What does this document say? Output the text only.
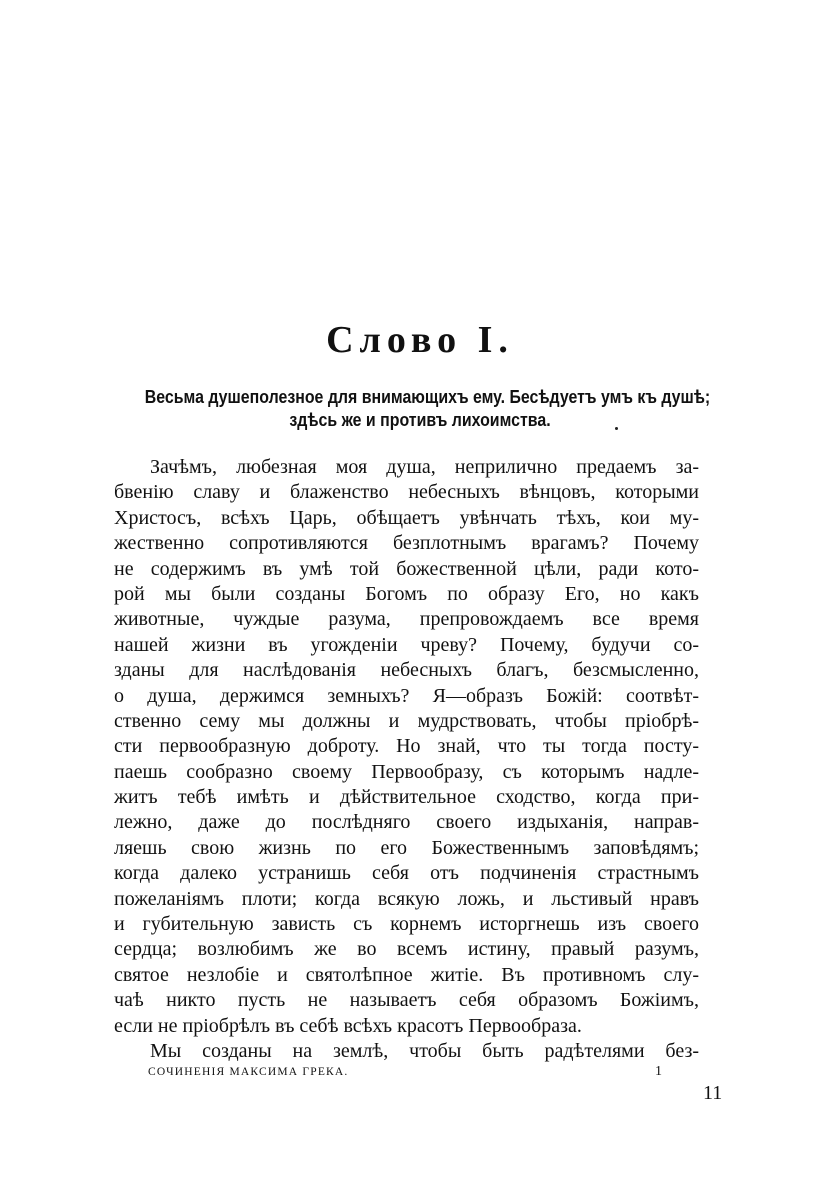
Слово I.
Весьма душеполезное для внимающихъ ему. Бесѣдуетъ умъ къ душѣ;
здѣсь же и противъ лихоимства.
Зачѣмъ, любезная моя душа, неприлично предаемъ за-
бвенію славу и блаженство небесныхъ вѣнцовъ, которыми
Христосъ, всѣхъ Царь, обѣщаетъ увѣнчать тѣхъ, кои му-
жественно сопротивляются безплотнымъ врагамъ? Почему
не содержимъ въ умѣ той божественной цѣли, ради кото-
рой мы были созданы Богомъ по образу Его, но какъ
животные, чуждые разума, препровождаемъ все время
нашей жизни въ угожденіи чреву? Почему, будучи со-
зданы для наслѣдованія небесныхъ благъ, безсмысленно,
о душа, держимся земныхъ? Я—образъ Божій: соотвѣт-
ственно сему мы должны и мудрствовать, чтобы пріобрѣ-
сти первообразную доброту. Но знай, что ты тогда посту-
паешь сообразно своему Первообразу, съ которымъ надле-
житъ тебѣ имѣть и дѣйствительное сходство, когда при-
лежно, даже до послѣдняго своего издыханія, направ-
ляешь свою жизнь по его Божественнымъ заповѣдямъ;
когда далеко устранишь себя отъ подчиненія страстнымъ
пожеланіямъ плоти; когда всякую ложь, и льстивый нравъ
и губительную зависть съ корнемъ исторгнешь изъ своего
сердца; возлюбимъ же во всемъ истину, правый разумъ,
святое незлобіе и святолѣпное житіе. Въ противномъ слу-
чаѣ никто пусть не называетъ себя образомъ Божіимъ,
если не пріобрѣлъ въ себѣ всѣхъ красотъ Первообраза.
Мы созданы на землѣ, чтобы быть радѣтелями без-
СОЧИНЕНІЯ МАКСИМА ГРЕКА.	1
11
